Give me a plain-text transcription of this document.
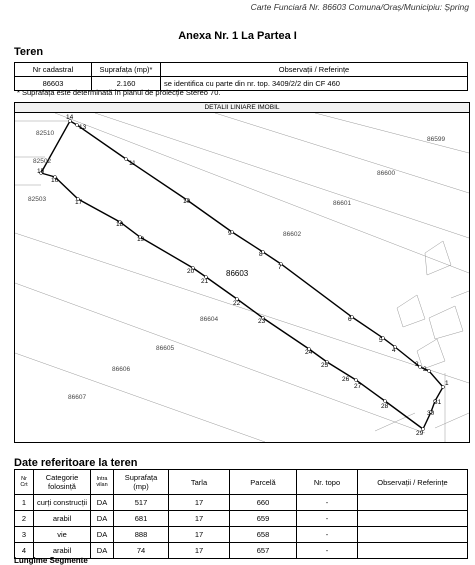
Carte Funciară Nr. 86603 Comuna/Oraș/Municipiu: Șpring
Anexa Nr. 1 La Partea I
Teren
Nr cadastral	Suprafața (mp)*	Observații / Referințe
86603	2.160	se identifica cu parte din nr. top. 3409/2/2 din CF 460
* Suprafața este determinată în planul de proiecție Stereo 70.
DETALII LINIARE IMOBIL
14
13
11
10
9
8
7
6
5
4
3
2
1
31
30
29
28
27
26
25
24
23
22
21
20
19
18
17
16
15
86599
86600
86601
86602
86604
86605
86606
86607
82510
82502
82503
86603
Date referitoare la teren
Nr Crt	Categorie folosință	Intra vilan	Suprafața (mp)	Tarla	Parcelă	Nr. topo	Observații / Referințe
1	curți construcții	DA	517	17	660	-	
2	arabil	DA	681	17	659	-	
3	vie	DA	888	17	658	-	
4	arabil	DA	74	17	657	-	
Lungime Segmente
